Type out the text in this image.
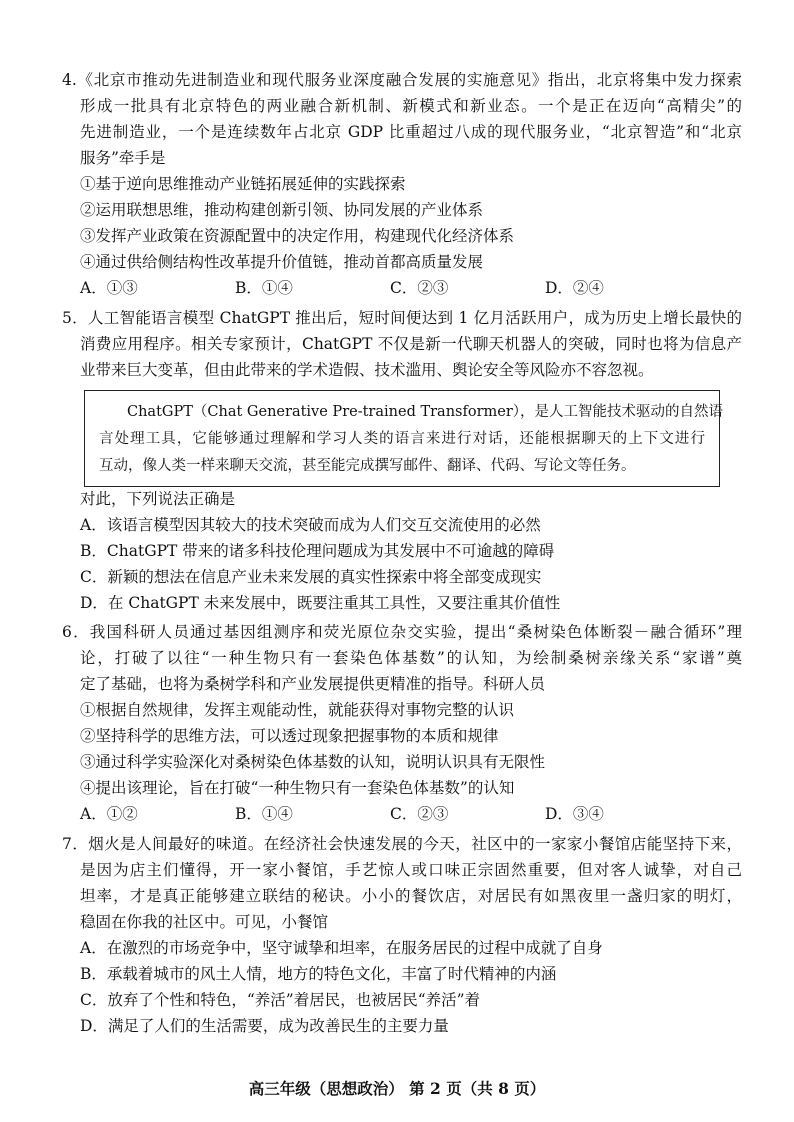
4.《北京市推动先进制造业和现代服务业深度融合发展的实施意见》指出，北京将集中发力探索
形成一批具有北京特色的两业融合新机制、新模式和新业态。一个是正在迈向“高精尖”的
先进制造业，一个是连续数年占北京 GDP 比重超过八成的现代服务业，“北京智造”和“北京
服务”牵手是
①基于逆向思维推动产业链拓展延伸的实践探索
②运用联想思维，推动构建创新引领、协同发展的产业体系
③发挥产业政策在资源配置中的决定作用，构建现代化经济体系
④通过供给侧结构性改革提升价值链，推动首都高质量发展
A．①③	B．①④	C．②③	D．②④
5．人工智能语言模型 ChatGPT 推出后，短时间便达到 1 亿月活跃用户，成为历史上增长最快的
消费应用程序。相关专家预计，ChatGPT 不仅是新一代聊天机器人的突破，同时也将为信息产
业带来巨大变革，但由此带来的学术造假、技术滥用、舆论安全等风险亦不容忽视。
ChatGPT（Chat Generative Pre-trained Transformer），是人工智能技术驱动的自然语
言处理工具，它能够通过理解和学习人类的语言来进行对话，还能根据聊天的上下文进行
互动，像人类一样来聊天交流，甚至能完成撰写邮件、翻译、代码、写论文等任务。
对此，下列说法正确是
A．该语言模型因其较大的技术突破而成为人们交互交流使用的必然
B．ChatGPT 带来的诸多科技伦理问题成为其发展中不可逾越的障碍
C．新颖的想法在信息产业未来发展的真实性探索中将全部变成现实
D．在 ChatGPT 未来发展中，既要注重其工具性，又要注重其价值性
6．我国科研人员通过基因组测序和荧光原位杂交实验，提出“桑树染色体断裂－融合循环”理
论，打破了以往“一种生物只有一套染色体基数”的认知，为绘制桑树亲缘关系“家谱”奠
定了基础，也将为桑树学科和产业发展提供更精准的指导。科研人员
①根据自然规律，发挥主观能动性，就能获得对事物完整的认识
②坚持科学的思维方法，可以透过现象把握事物的本质和规律
③通过科学实验深化对桑树染色体基数的认知，说明认识具有无限性
④提出该理论，旨在打破“一种生物只有一套染色体基数”的认知
A．①②	B．①④	C．②③	D．③④
7．烟火是人间最好的味道。在经济社会快速发展的今天，社区中的一家家小餐馆店能坚持下来，
是因为店主们懂得，开一家小餐馆，手艺惊人或口味正宗固然重要，但对客人诚挚，对自己
坦率，才是真正能够建立联结的秘诀。小小的餐饮店，对居民有如黑夜里一盏归家的明灯，
稳固在你我的社区中。可见，小餐馆
A．在激烈的市场竞争中，坚守诚挚和坦率，在服务居民的过程中成就了自身
B．承载着城市的风土人情，地方的特色文化，丰富了时代精神的内涵
C．放弃了个性和特色，“养活”着居民，也被居民“养活”着
D．满足了人们的生活需要，成为改善民生的主要力量
高三年级（思想政治） 第 2 页（共 8 页）
